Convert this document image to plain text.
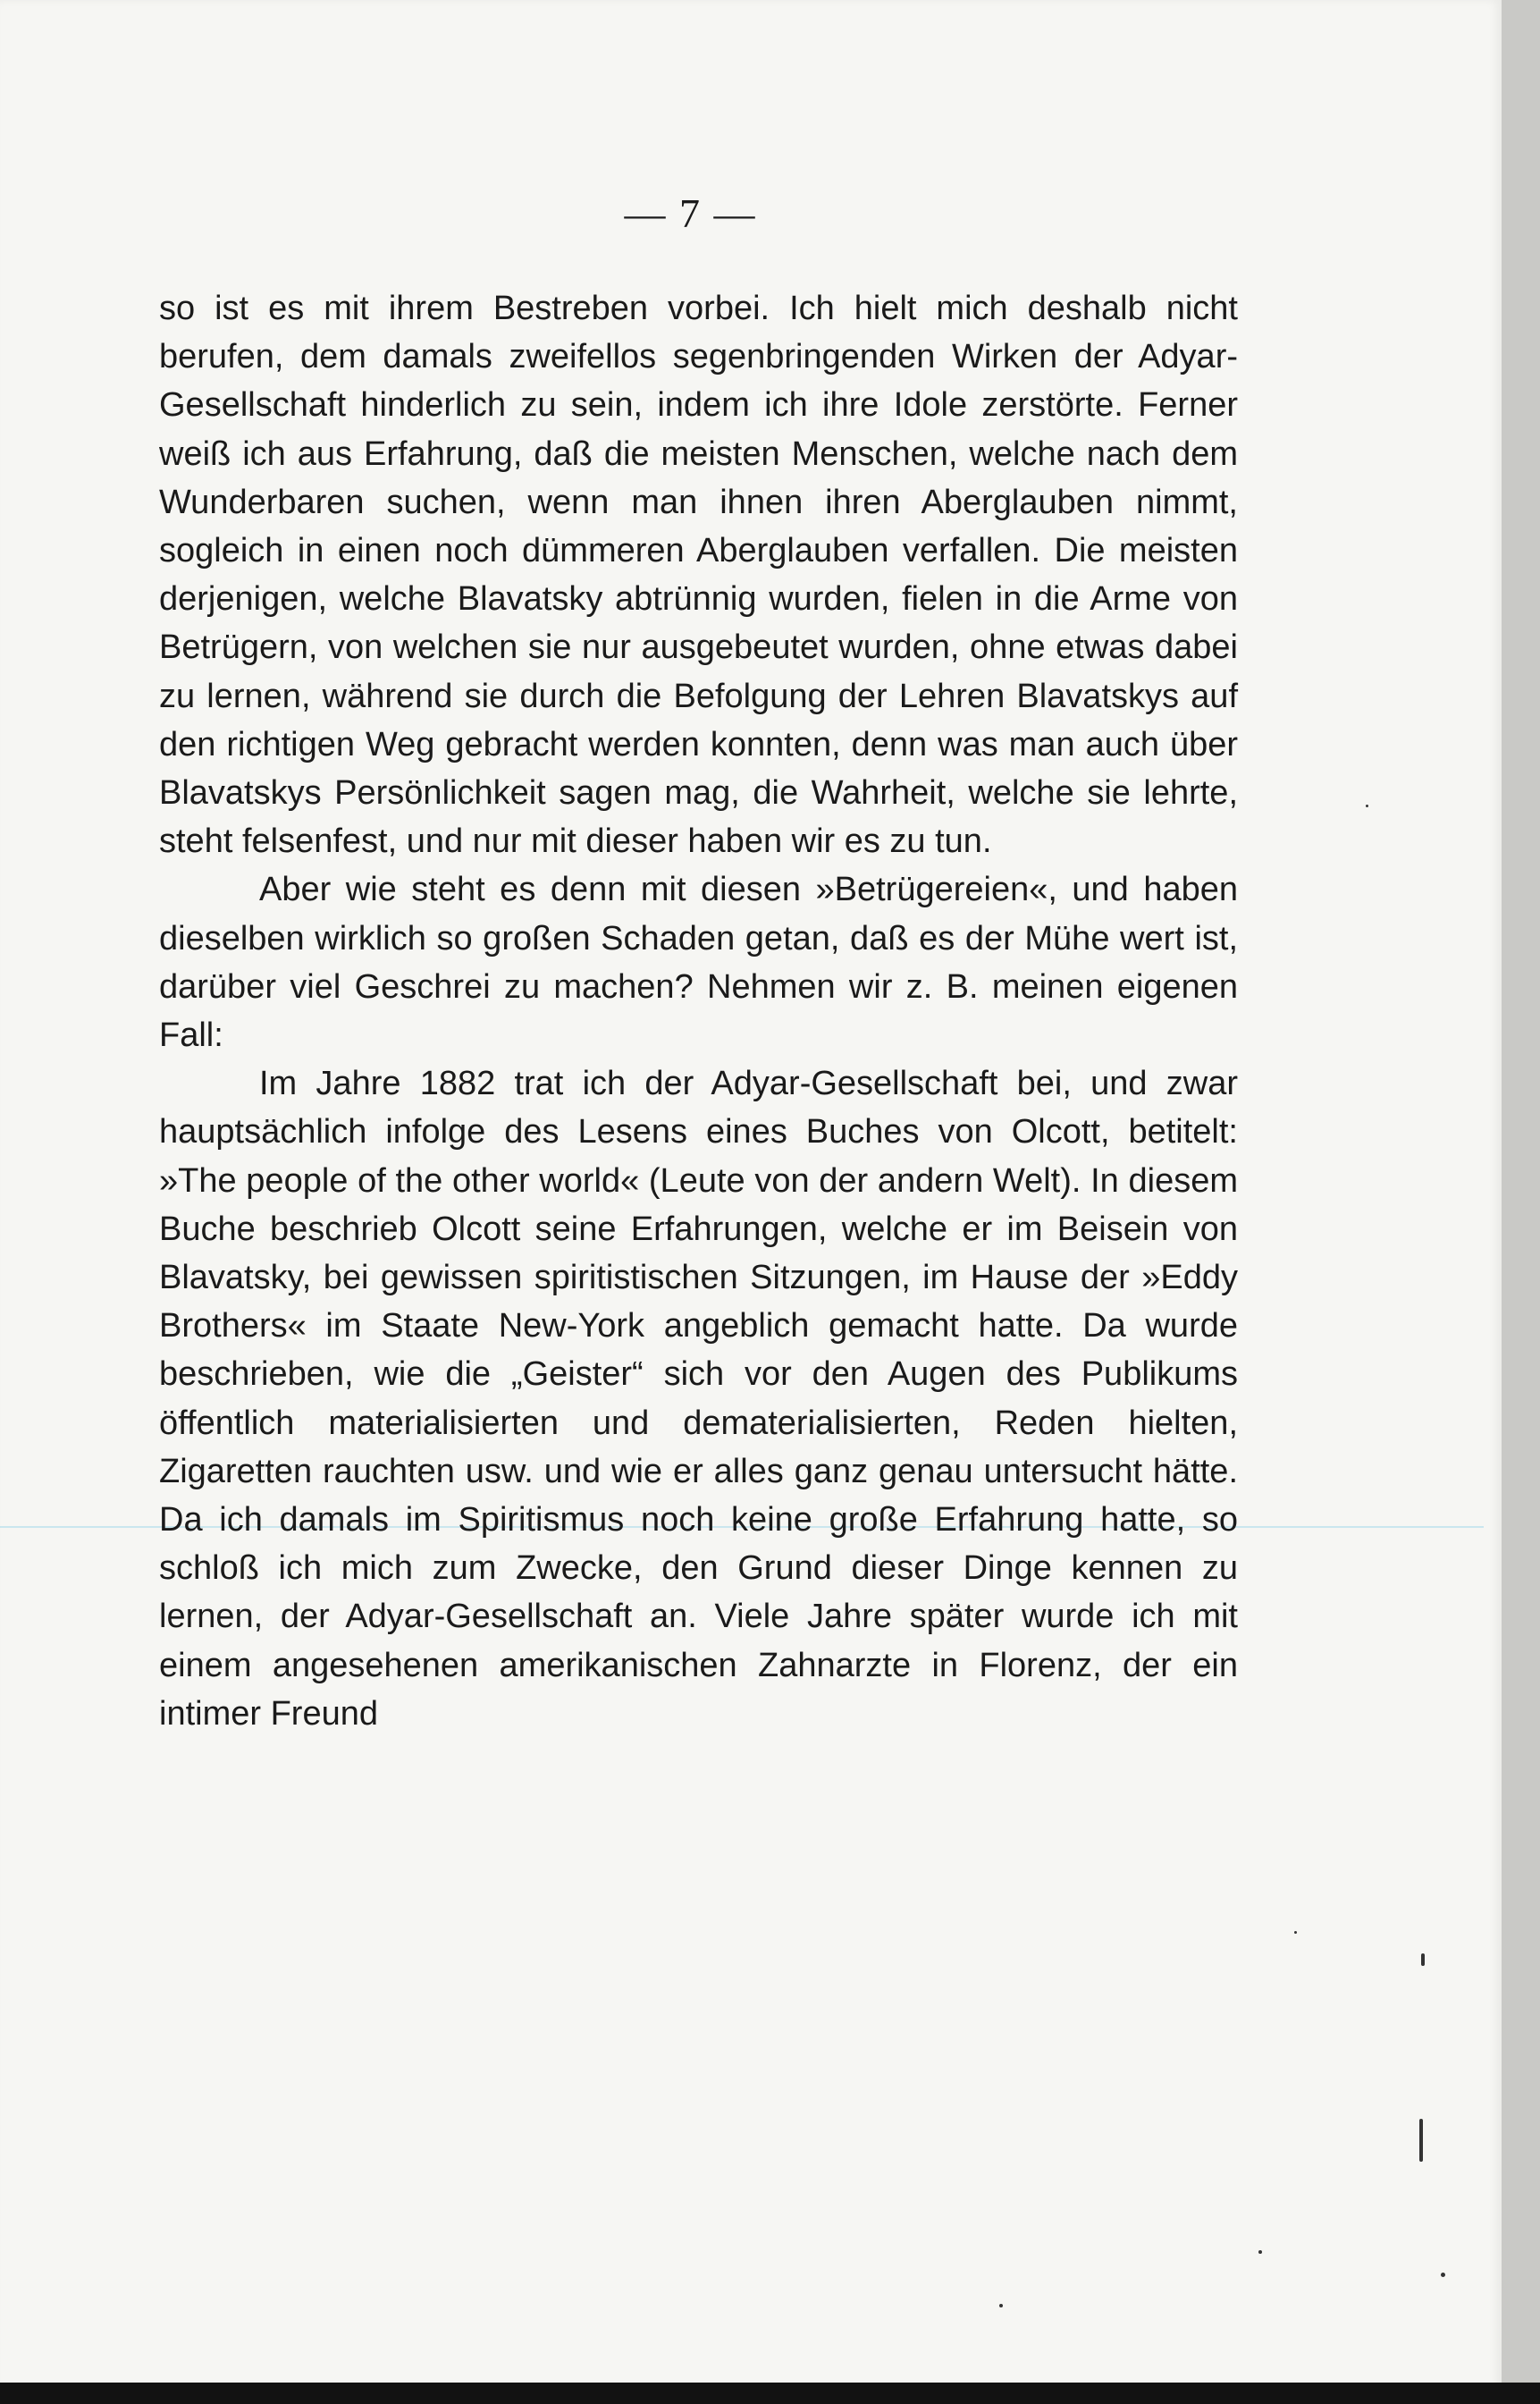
— 7 —

so ist es mit ihrem Bestreben vorbei. Ich hielt mich deshalb nicht berufen, dem damals zweifellos segenbringenden Wirken der Adyar-Gesellschaft hinderlich zu sein, indem ich ihre Idole zerstörte. Ferner weiß ich aus Erfahrung, daß die meisten Menschen, welche nach dem Wunderbaren suchen, wenn man ihnen ihren Aberglauben nimmt, sogleich in einen noch dümmeren Aberglauben verfallen. Die meisten derjenigen, welche Blavatsky abtrünnig wurden, fielen in die Arme von Betrügern, von welchen sie nur ausgebeutet wurden, ohne etwas dabei zu lernen, während sie durch die Befolgung der Lehren Blavatskys auf den richtigen Weg gebracht werden konnten, denn was man auch über Blavatskys Persönlichkeit sagen mag, die Wahrheit, welche sie lehrte, steht felsenfest, und nur mit dieser haben wir es zu tun.

Aber wie steht es denn mit diesen »Betrügereien«, und haben dieselben wirklich so großen Schaden getan, daß es der Mühe wert ist, darüber viel Geschrei zu machen? Nehmen wir z. B. meinen eigenen Fall:

Im Jahre 1882 trat ich der Adyar-Gesellschaft bei, und zwar hauptsächlich infolge des Lesens eines Buches von Olcott, betitelt: »The people of the other world« (Leute von der andern Welt). In diesem Buche beschrieb Olcott seine Erfahrungen, welche er im Beisein von Blavatsky, bei gewissen spiritistischen Sitzungen, im Hause der »Eddy Brothers« im Staate New-York angeblich gemacht hatte. Da wurde beschrieben, wie die „Geister“ sich vor den Augen des Publikums öffentlich materialisierten und dematerialisierten, Reden hielten, Zigaretten rauchten usw. und wie er alles ganz genau untersucht hätte. Da ich damals im Spiritismus noch keine große Erfahrung hatte, so schloß ich mich zum Zwecke, den Grund dieser Dinge kennen zu lernen, der Adyar-Gesellschaft an. Viele Jahre später wurde ich mit einem angesehenen amerikanischen Zahnarzte in Florenz, der ein intimer Freund
